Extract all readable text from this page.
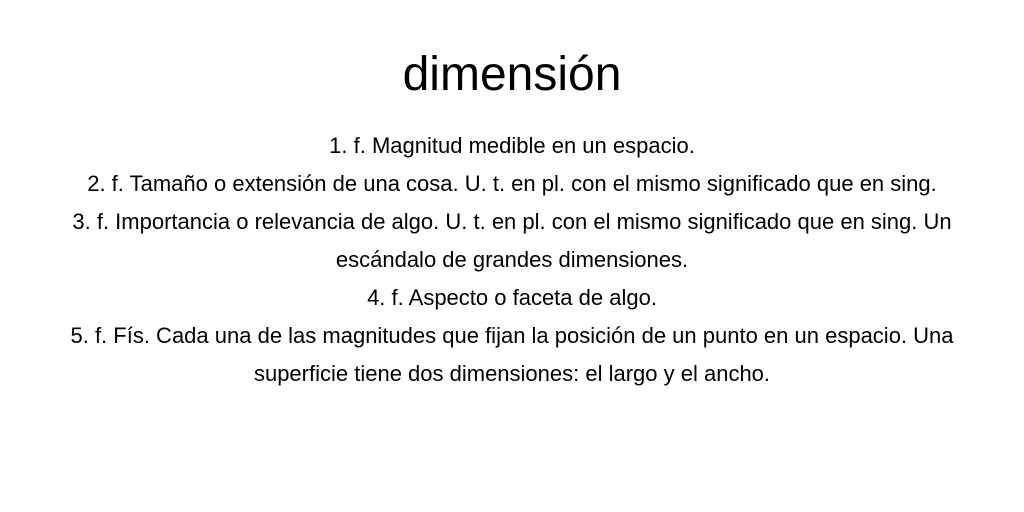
dimensión
1. f. Magnitud medible en un espacio.
2. f. Tamaño o extensión de una cosa. U. t. en pl. con el mismo significado que en sing.
3. f. Importancia o relevancia de algo. U. t. en pl. con el mismo significado que en sing. Un escándalo de grandes dimensiones.
4. f. Aspecto o faceta de algo.
5. f. Fís. Cada una de las magnitudes que fijan la posición de un punto en un espacio. Una superficie tiene dos dimensiones: el largo y el ancho.
